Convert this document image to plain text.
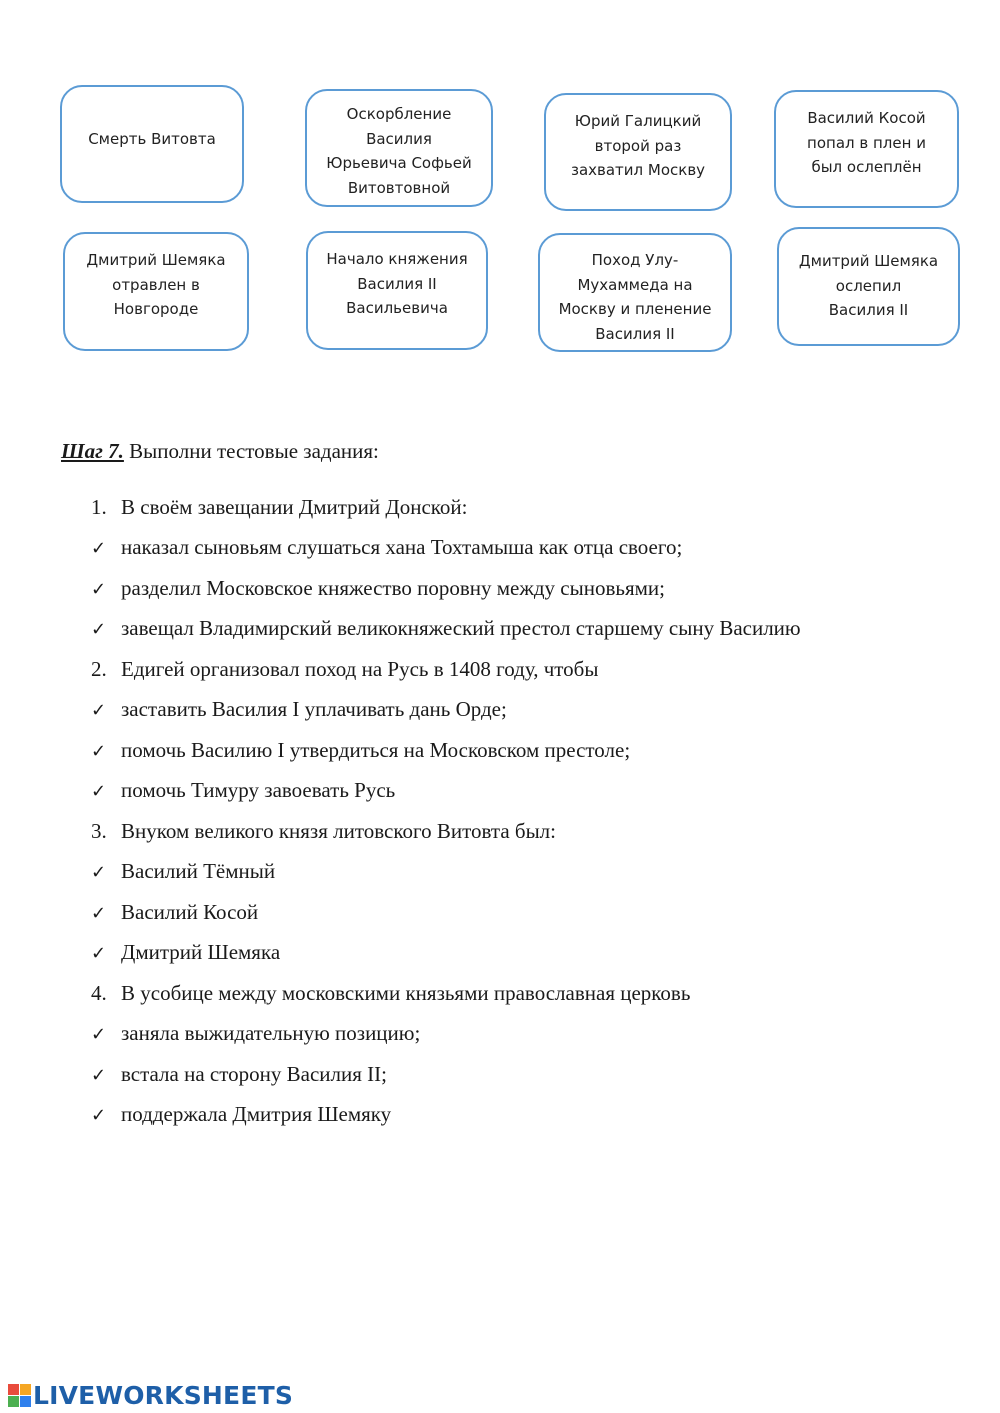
Смерть Витовта
Оскорбление
Василия
Юрьевича Софьей
Витовтовной
Юрий Галицкий
второй раз
захватил Москву
Василий Косой
попал в плен и
был ослеплён
Дмитрий Шемяка
отравлен в
Новгороде
Начало княжения
Василия II
Васильевича
Поход Улу-
Мухаммеда на
Москву и пленение
Василия II
Дмитрий Шемяка
ослепил
Василия II
Шаг 7. Выполни тестовые задания:
1. В своём завещании Дмитрий Донской:
✓ наказал сыновьям слушаться хана Тохтамыша как отца своего;
✓ разделил Московское княжество поровну между сыновьями;
✓ завещал Владимирский великокняжеский престол старшему сыну Василию
2. Едигей организовал поход на Русь в 1408 году, чтобы
✓ заставить Василия I уплачивать дань Орде;
✓ помочь Василию I утвердиться на Московском престоле;
✓ помочь Тимуру завоевать Русь
3. Внуком великого князя литовского Витовта был:
✓ Василий Тёмный
✓ Василий Косой
✓ Дмитрий Шемяка
4. В усобице между московскими князьями православная церковь
✓ заняла выжидательную позицию;
✓ встала на сторону Василия II;
✓ поддержала Дмитрия Шемяку
LIVEWORKSHEETS
